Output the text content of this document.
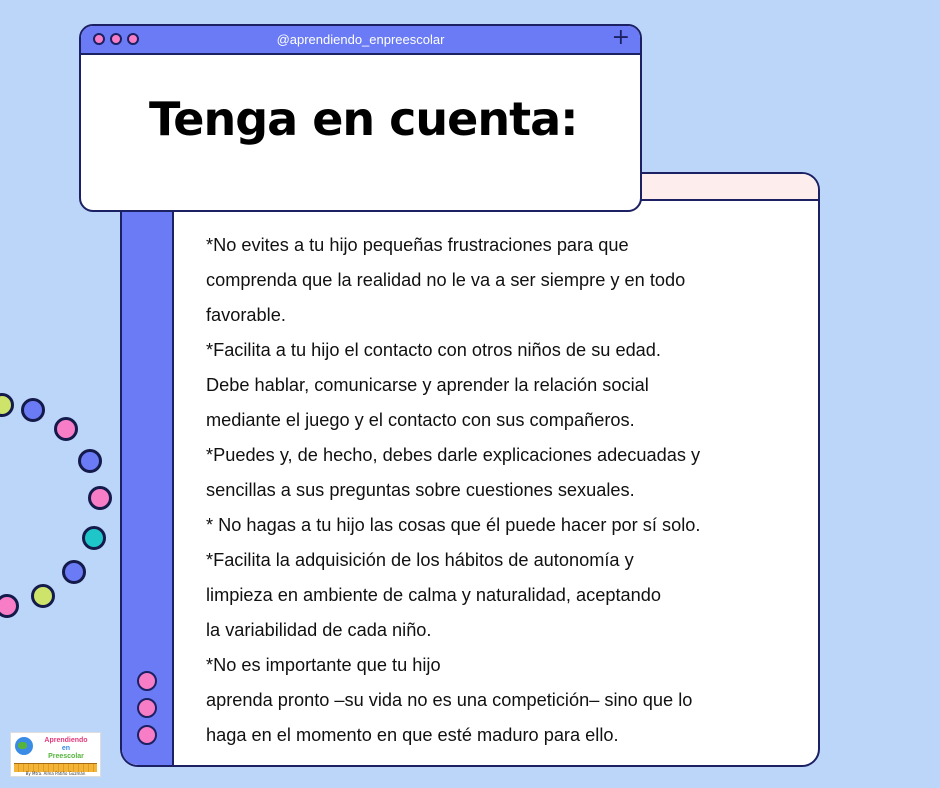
*No evites a tu hijo pequeñas frustraciones para que
comprenda que la realidad no le va a ser siempre y en todo
favorable.
*Facilita a tu hijo el contacto con otros niños de su edad.
Debe hablar, comunicarse y aprender la relación social
mediante el juego y el contacto con sus compañeros.
*Puedes y, de hecho, debes darle explicaciones adecuadas y
sencillas a sus preguntas sobre cuestiones sexuales.
* No hagas a tu hijo las cosas que él puede hacer por sí solo.
*Facilita la adquisición de los hábitos de autonomía y
limpieza en ambiente de calma y naturalidad, aceptando
la variabilidad de cada niño.
*No es importante que tu hijo
aprenda pronto –su vida no es una competición– sino que lo
haga en el momento en que esté maduro para ello.
@aprendiendo_enpreescolar	+
Tenga en cuenta:
Aprendiendo
en
Preescolar
By Mtra. Alma Patiño Guzmán
